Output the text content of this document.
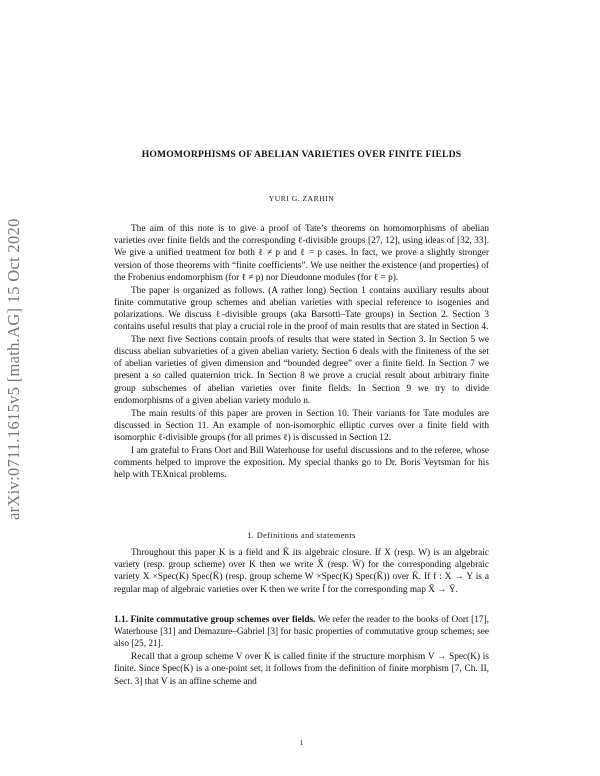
arXiv:0711.1615v5 [math.AG] 15 Oct 2020
HOMOMORPHISMS OF ABELIAN VARIETIES OVER FINITE FIELDS
YURI G. ZARHIN

The aim of this note is to give a proof of Tate’s theorems on homomorphisms of abelian varieties over finite fields and the corresponding ℓ-divisible groups [27, 12], using ideas of [32, 33]. We give a unified treatment for both ℓ ≠ p and ℓ = p cases. In fact, we prove a slightly stronger version of those theorems with “finite coefficients”. We use neither the existence (and properties) of the Frobenius endomorphism (for ℓ ≠ p) nor Dieudonne modules (for ℓ = p).

The paper is organized as follows. (A rather long) Section 1 contains auxiliary results about finite commutative group schemes and abelian varieties with special reference to isogenies and polarizations. We discuss ℓ-divisible groups (aka Barsotti–Tate groups) in Section 2. Section 3 contains useful results that play a crucial role in the proof of main results that are stated in Section 4.

The next five Sections contain proofs of results that were stated in Section 3. In Section 5 we discuss abelian subvarieties of a given abelian variety. Section 6 deals with the finiteness of the set of abelian varieties of given dimension and “bounded degree” over a finite field. In Section 7 we present a so called quaternion trick. In Section 8 we prove a crucial result about arbitrary finite group subschemes of abelian varieties over finite fields. In Section 9 we try to divide endomorphisms of a given abelian variety modulo n.

The main results of this paper are proven in Section 10. Their variants for Tate modules are discussed in Section 11. An example of non-isomorphic elliptic curves over a finite field with isomorphic ℓ-divisible groups (for all primes ℓ) is discussed in Section 12.

I am grateful to Frans Oort and Bill Waterhouse for useful discussions and to the referee, whose comments helped to improve the exposition. My special thanks go to Dr. Boris Veytsman for his help with TEXnical problems.

1. Definitions and statements

Throughout this paper K is a field and K̄ its algebraic closure. If X (resp. W) is an algebraic variety (resp. group scheme) over K then we write X̄ (resp. W̄) for the corresponding algebraic variety X ×Spec(K) Spec(K̄) (resp. group scheme W ×Spec(K) Spec(K̄)) over K̄. If f : X → Y is a regular map of algebraic varieties over K then we write f̄ for the corresponding map X̄ → Ȳ.

1.1. Finite commutative group schemes over fields. We refer the reader to the books of Oort [17], Waterhouse [31] and Demazure–Gabriel [3] for basic properties of commutative group schemes; see also [25, 21].

Recall that a group scheme V over K is called finite if the structure morphism V → Spec(K) is finite. Since Spec(K) is a one-point set, it follows from the definition of finite morphism [7, Ch. II, Sect. 3] that V is an affine scheme and

1
